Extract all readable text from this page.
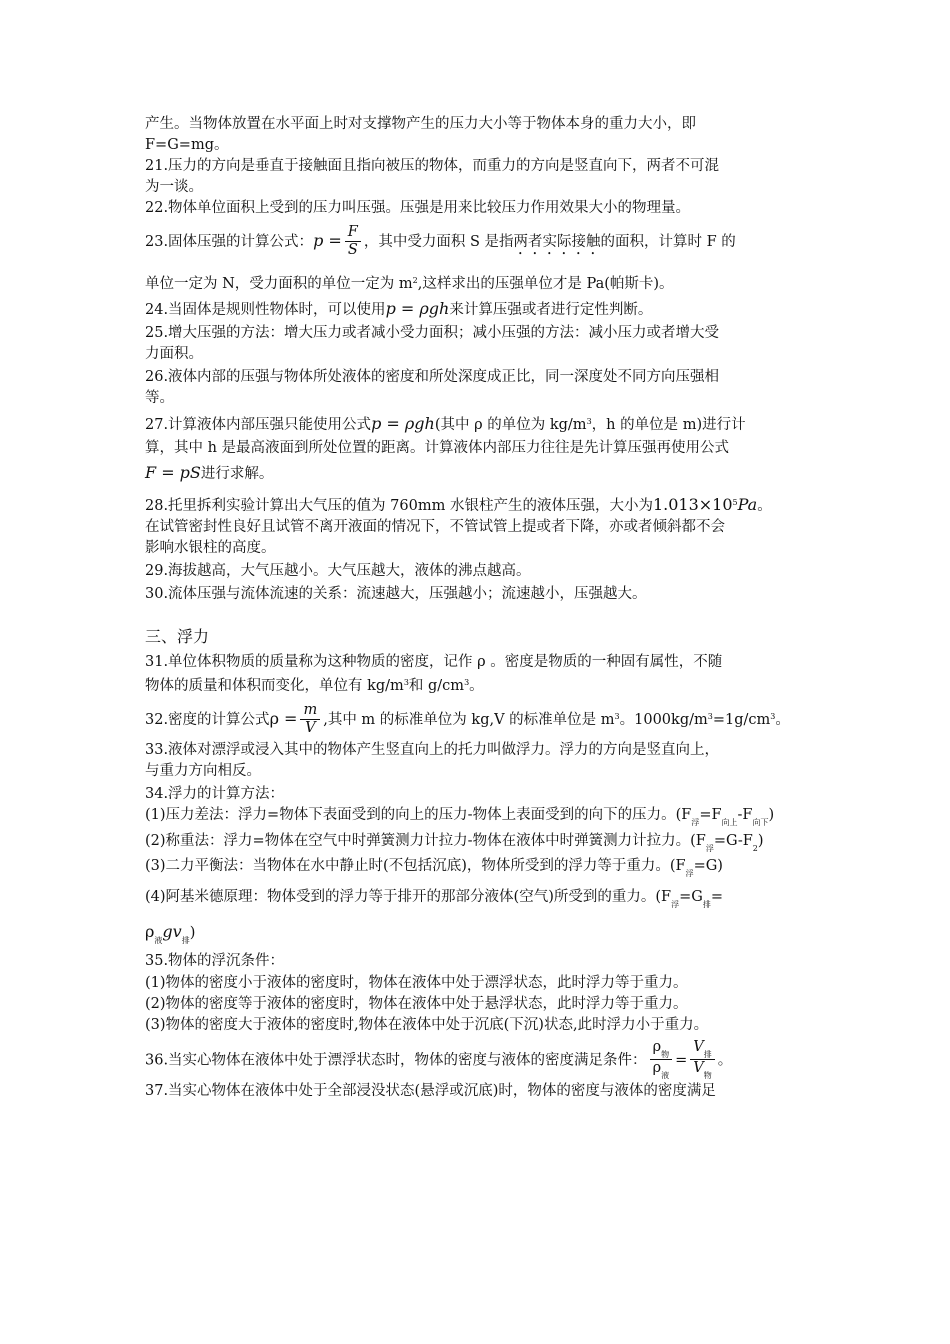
产生。当物体放置在水平面上时对支撑物产生的压力大小等于物体本身的重力大小，即
F=G=mg。

21.压力的方向是垂直于接触面且指向被压的物体，而重力的方向是竖直向下，两者不可混
为一谈。

22.物体单位面积上受到的压力叫压强。压强是用来比较压力作用效果大小的物理量。

23.固体压强的计算公式：$p = \frac{F}{S}$ ，其中受力面积 S 是指两者实际接触的面积，计算时 F 的

单位一定为 N，受力面积的单位一定为 $m^2$,这样求出的压强单位才是 Pa(帕斯卡)。

24.当固体是规则性物体时，可以使用p = ρgh来计算压强或者进行定性判断。

25.增大压强的方法：增大压力或者减小受力面积；减小压强的方法：减小压力或者增大受
力面积。

26.液体内部的压强与物体所处液体的密度和所处深度成正比，同一深度处不同方向压强相
等。

27.计算液体内部压强只能使用公式p = ρgh(其中 ρ 的单位为 $kg/m^3$，h 的单位是 m)进行计
算，其中 h 是最高液面到所处位置的距离。计算液体内部压力往往是先计算压强再使用公式
F = pS进行求解。

28.托里拆利实验计算出大气压的值为 760mm 水银柱产生的液体压强，大小为$1.013\times 10^5Pa$。
在试管密封性良好且试管不离开液面的情况下，不管试管上提或者下降，亦或者倾斜都不会
影响水银柱的高度。

29.海拔越高，大气压越小。大气压越大，液体的沸点越高。

30.流体压强与流体流速的关系：流速越大，压强越小；流速越小，压强越大。

三、浮力

31.单位体积物质的质量称为这种物质的密度，记作 ρ 。密度是物质的一种固有属性，不随
物体的质量和体积而变化，单位有 $kg/m^3$和 $g/cm^3$。

32.密度的计算公式$\rho = \frac{m}{V}$ ,其中 m 的标准单位为 kg,V 的标准单位是 $m^3$。$1000kg/m^3=1g/cm^3$。

33.液体对漂浮或浸入其中的物体产生竖直向上的托力叫做浮力。浮力的方向是竖直向上，
与重力方向相反。

34.浮力的计算方法：

(1)压力差法：浮力=物体下表面受到的向上的压力-物体上表面受到的向下的压力。$(F_浮=F_{向上}-F_{向下})$

(2)称重法：浮力=物体在空气中时弹簧测力计拉力-物体在液体中时弹簧测力计拉力。$(F_浮=G-F_2)$

(3)二力平衡法：当物体在水中静止时(不包括沉底)，物体所受到的浮力等于重力。$(F_浮=G)$

(4)阿基米德原理：物体受到的浮力等于排开的那部分液体(空气)所受到的重力。($F_浮=G_排=$
$\rho_液gv_排$)

35.物体的浮沉条件：

(1)物体的密度小于液体的密度时，物体在液体中处于漂浮状态，此时浮力等于重力。

(2)物体的密度等于液体的密度时，物体在液体中处于悬浮状态，此时浮力等于重力。

(3)物体的密度大于液体的密度时,物体在液体中处于沉底(下沉)状态,此时浮力小于重力。

36.当实心物体在液体中处于漂浮状态时，物体的密度与液体的密度满足条件： $\frac{\rho_物}{\rho_液} = \frac{V_排}{V_物}$ 。

37.当实心物体在液体中处于全部浸没状态(悬浮或沉底)时，物体的密度与液体的密度满足
